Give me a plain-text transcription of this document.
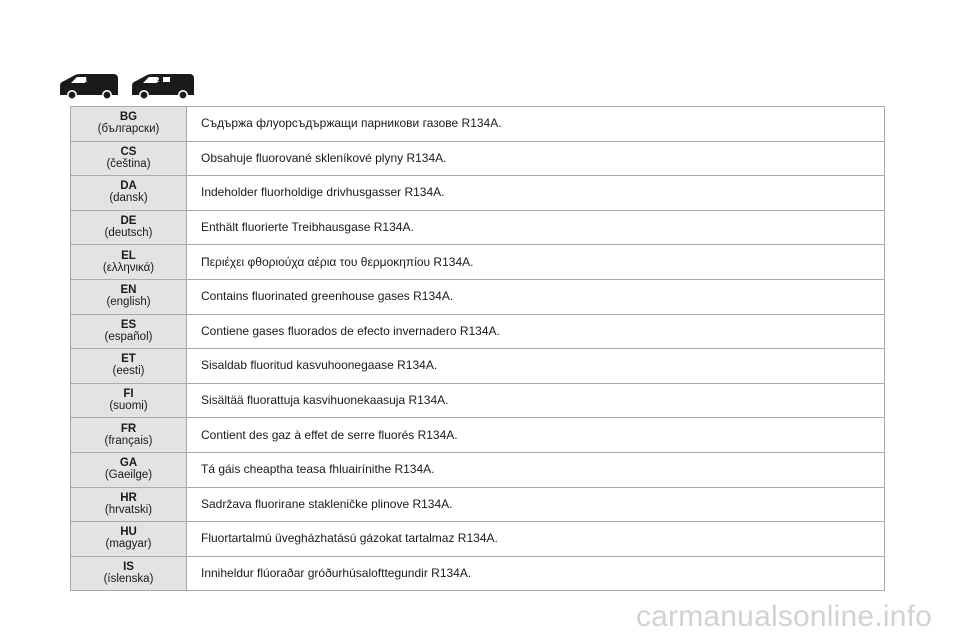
1	2
BG
(български)	Съдържа флуорсъдържащи парникови газове R134A.

CS
(čeština)	Obsahuje fluorované skleníkové plyny R134A.

DA
(dansk)	Indeholder fluorholdige drivhusgasser R134A.

DE
(deutsch)	Enthält fluorierte Treibhausgase R134A.

EL
(ελληνικά)	Περιέχει φθοριούχα αέρια του θερμοκηπίου R134A.

EN
(english)	Contains fluorinated greenhouse gases R134A.

ES
(español)	Contiene gases fluorados de efecto invernadero R134A.

ET
(eesti)	Sisaldab fluoritud kasvuhoonegaase R134A.

FI
(suomi)	Sisältää fluorattuja kasvihuonekaasuja R134A.

FR
(français)	Contient des gaz à effet de serre fluorés R134A.

GA
(Gaeilge)	Tá gáis cheaptha teasa fhluairínithe R134A.

HR
(hrvatski)	Sadržava fluorirane stakleničke plinove R134A.

HU
(magyar)	Fluortartalmú üvegházhatású gázokat tartalmaz R134A.

IS
(íslenska)	Inniheldur flúoraðar gróðurhúsalofttegundir R134A.
carmanualsonline.info
